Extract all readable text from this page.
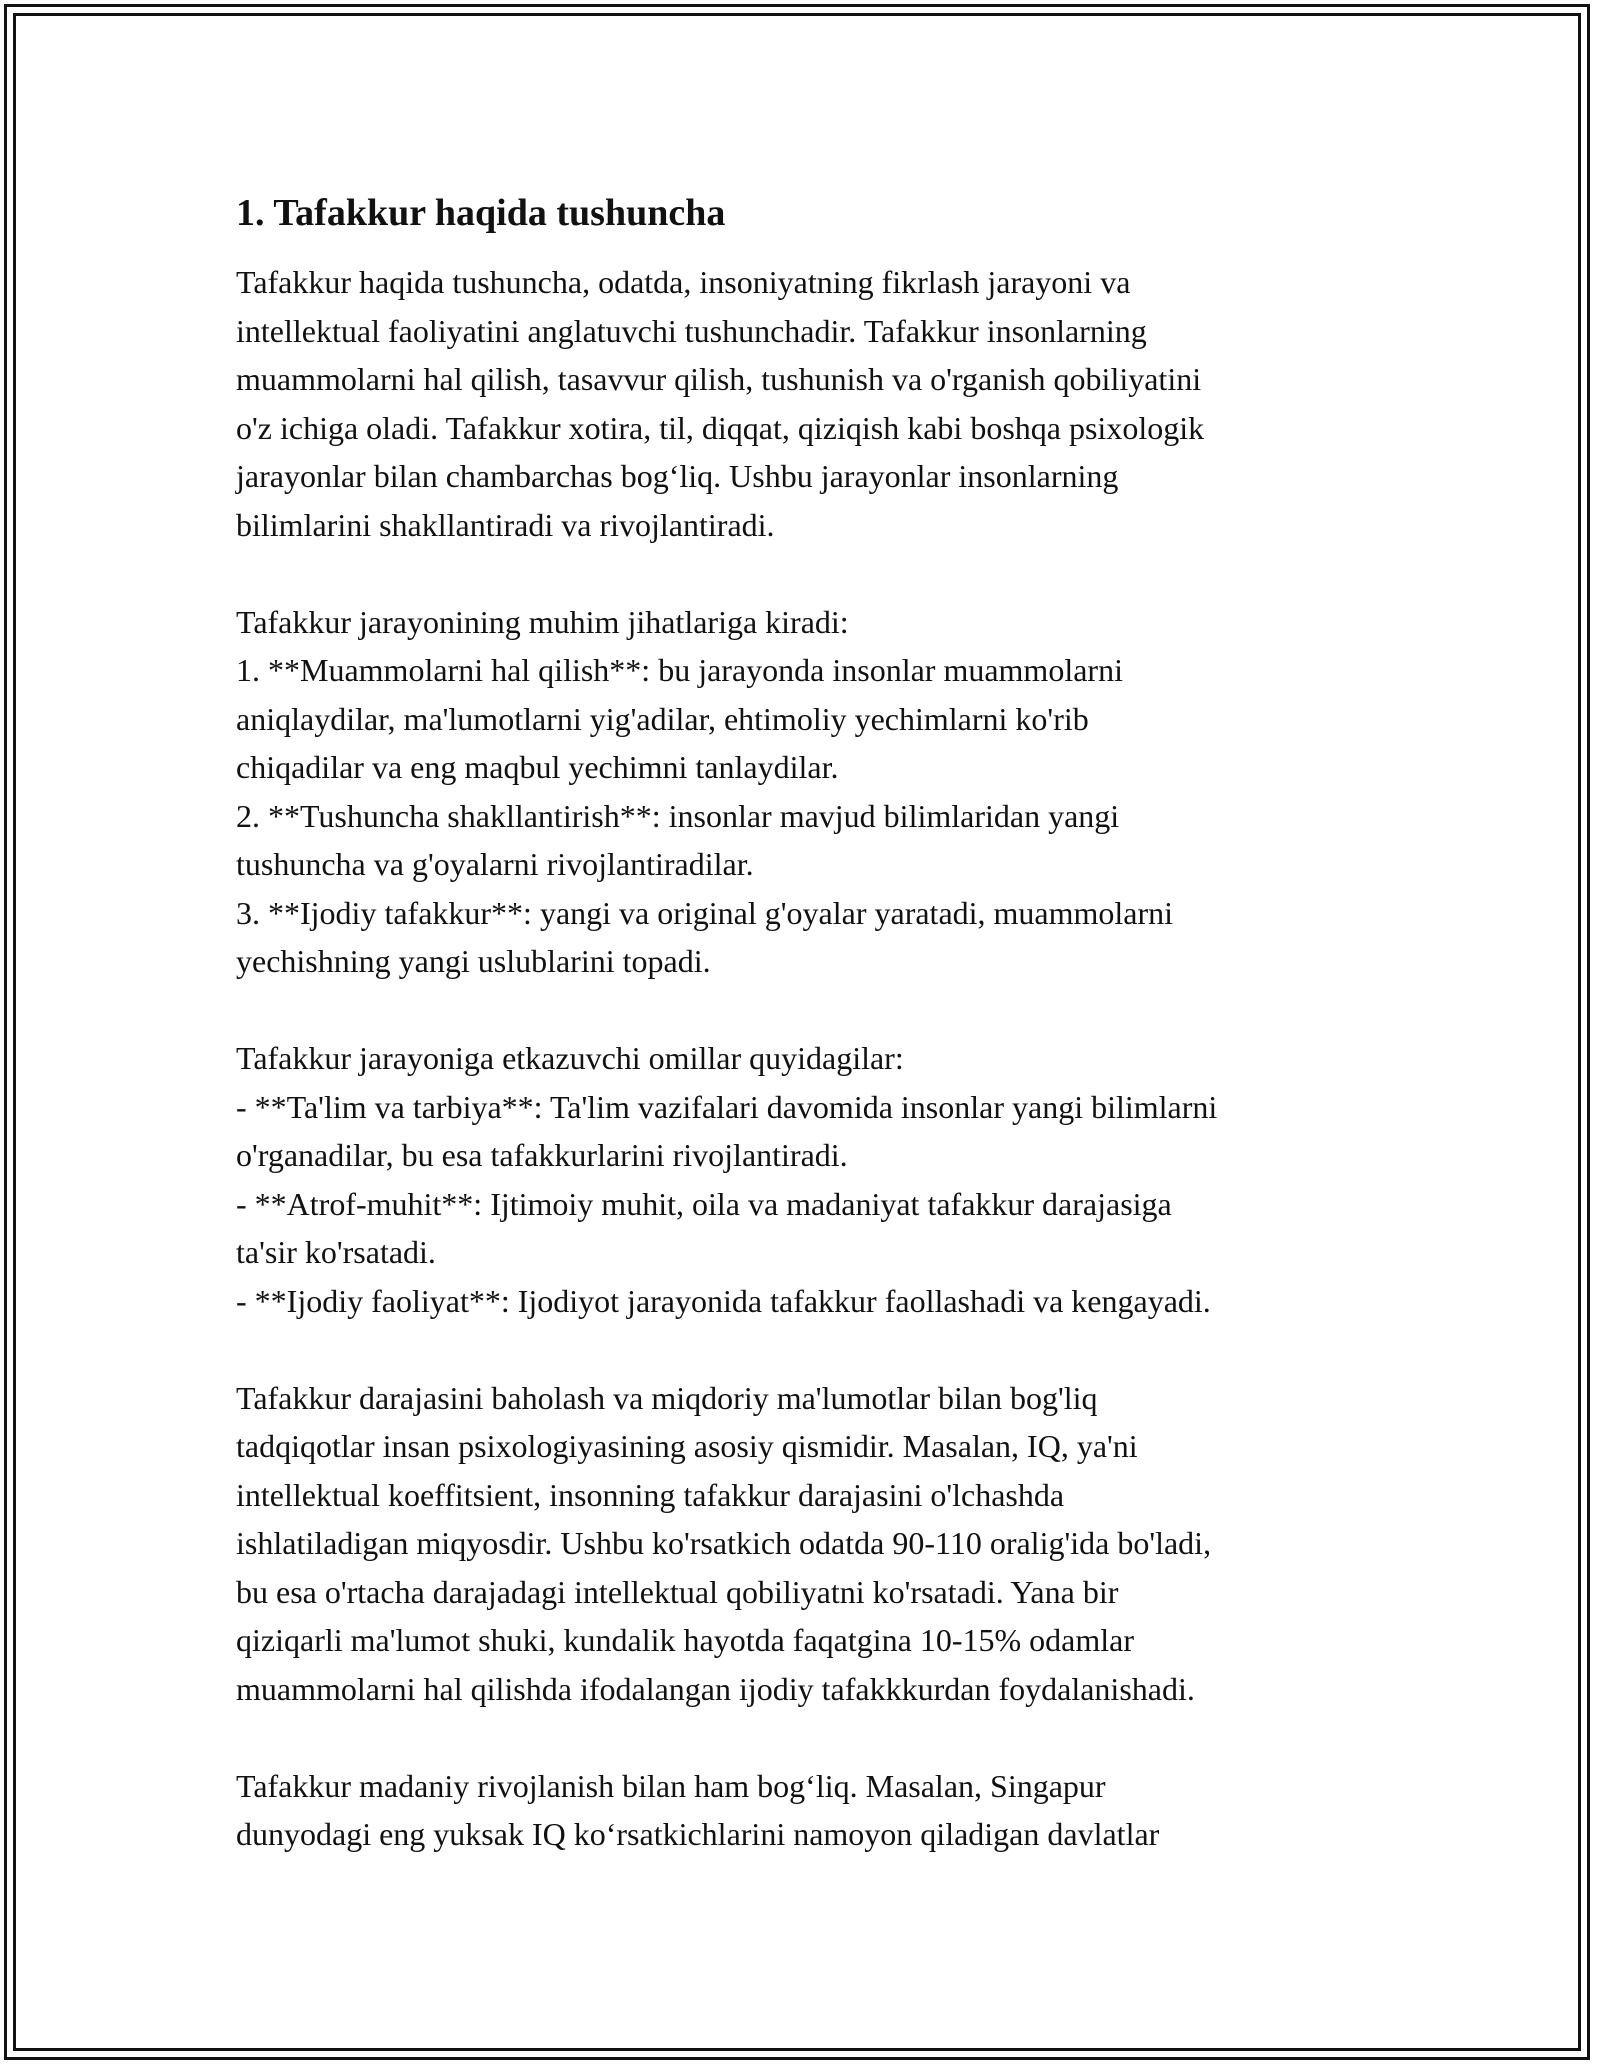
1. Tafakkur haqida tushuncha

Tafakkur haqida tushuncha, odatda, insoniyatning fikrlash jarayoni va
intellektual faoliyatini anglatuvchi tushunchadir. Tafakkur insonlarning
muammolarni hal qilish, tasavvur qilish, tushunish va o'rganish qobiliyatini
o'z ichiga oladi. Tafakkur xotira, til, diqqat, qiziqish kabi boshqa psixologik
jarayonlar bilan chambarchas bog‘liq. Ushbu jarayonlar insonlarning
bilimlarini shakllantiradi va rivojlantiradi.

Tafakkur jarayonining muhim jihatlariga kiradi:
1. **Muammolarni hal qilish**: bu jarayonda insonlar muammolarni
aniqlaydilar, ma'lumotlarni yig'adilar, ehtimoliy yechimlarni ko'rib
chiqadilar va eng maqbul yechimni tanlaydilar.
2. **Tushuncha shakllantirish**: insonlar mavjud bilimlaridan yangi
tushuncha va g'oyalarni rivojlantiradilar.
3. **Ijodiy tafakkur**: yangi va original g'oyalar yaratadi, muammolarni
yechishning yangi uslublarini topadi.

Tafakkur jarayoniga etkazuvchi omillar quyidagilar:
- **Ta'lim va tarbiya**: Ta'lim vazifalari davomida insonlar yangi bilimlarni
o'rganadilar, bu esa tafakkurlarini rivojlantiradi.
- **Atrof-muhit**: Ijtimoiy muhit, oila va madaniyat tafakkur darajasiga
ta'sir ko'rsatadi.
- **Ijodiy faoliyat**: Ijodiyot jarayonida tafakkur faollashadi va kengayadi.

Tafakkur darajasini baholash va miqdoriy ma'lumotlar bilan bog'liq
tadqiqotlar insan psixologiyasining asosiy qismidir. Masalan, IQ, ya'ni
intellektual koeffitsient, insonning tafakkur darajasini o'lchashda
ishlatiladigan miqyosdir. Ushbu ko'rsatkich odatda 90-110 oralig'ida bo'ladi,
bu esa o'rtacha darajadagi intellektual qobiliyatni ko'rsatadi. Yana bir
qiziqarli ma'lumot shuki, kundalik hayotda faqatgina 10-15% odamlar
muammolarni hal qilishda ifodalangan ijodiy tafakkkurdan foydalanishadi.

Tafakkur madaniy rivojlanish bilan ham bog‘liq. Masalan, Singapur
dunyodagi eng yuksak IQ ko‘rsatkichlarini namoyon qiladigan davlatlar
